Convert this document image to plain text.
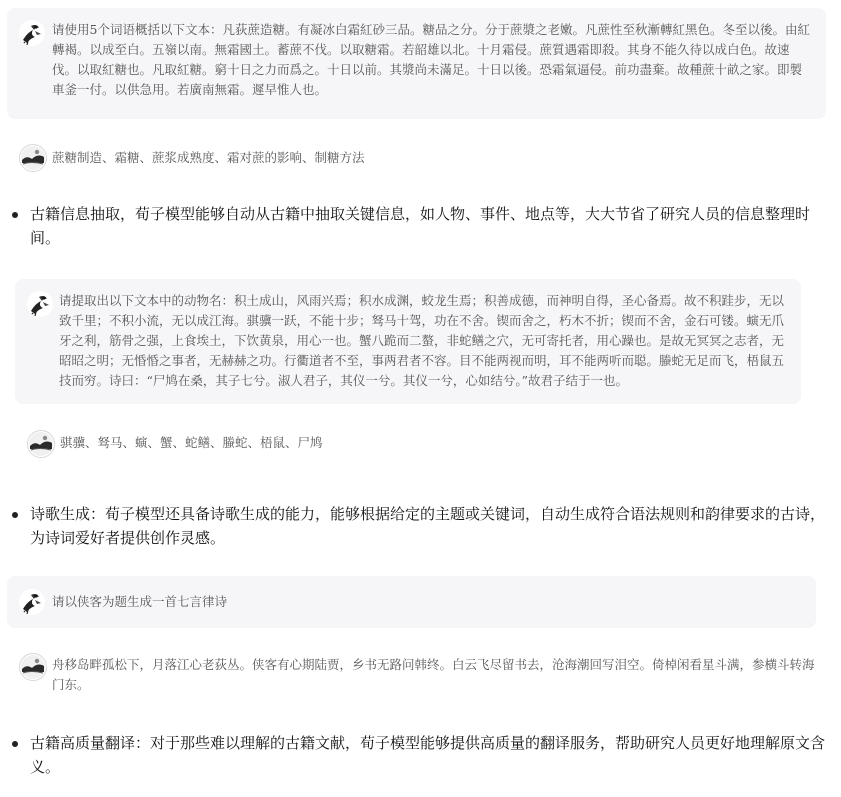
请使用5个词语概括以下文本：凡荻蔗造糖。有凝冰白霜紅砂三品。糖品之分。分于蔗漿之老嫩。凡蔗性至秋漸轉紅黑色。冬至以後。由紅轉褐。以成至白。五嶺以南。無霜國土。蓄蔗不伐。以取糖霜。若韶雄以北。十月霜侵。蔗質遇霜即殺。其身不能久待以成白色。故速伐。以取紅糖也。凡取紅糖。窮十日之力而爲之。十日以前。其漿尚未滿足。十日以後。恐霜氣逼侵。前功盡棄。故種蔗十畝之家。即製車釜一付。以供急用。若廣南無霜。遲早惟人也。
蔗糖制造、霜糖、蔗浆成熟度、霜对蔗的影响、制糖方法
古籍信息抽取，荀子模型能够自动从古籍中抽取关键信息，如人物、事件、地点等，大大节省了研究人员的信息整理时间。
请提取出以下文本中的动物名：积土成山，风雨兴焉；积水成渊，蛟龙生焉；积善成德，而神明自得，圣心备焉。故不积跬步，无以致千里；不积小流，无以成江海。骐骥一跃，不能十步；驽马十驾，功在不舍。锲而舍之，朽木不折；锲而不舍，金石可镂。螾无爪牙之利，筋骨之强，上食埃土，下饮黄泉，用心一也。蟹八跪而二螯，非蛇鳝之穴，无可寄托者，用心躁也。是故无冥冥之志者，无昭昭之明；无惛惛之事者，无赫赫之功。行衢道者不至，事两君者不容。目不能两视而明，耳不能两听而聪。螣蛇无足而飞，梧鼠五技而穷。诗曰：“尸鸠在桑，其子七兮。淑人君子，其仪一兮。其仪一兮，心如结兮。”故君子结于一也。
骐骥、驽马、螾、蟹、蛇鳝、螣蛇、梧鼠、尸鸠
诗歌生成：荀子模型还具备诗歌生成的能力，能够根据给定的主题或关键词，自动生成符合语法规则和韵律要求的古诗，为诗词爱好者提供创作灵感。
请以侠客为题生成一首七言律诗
舟移岛畔孤松下，月落江心老荻丛。侠客有心期陆贾，乡书无路问韩终。白云飞尽留书去，沧海潮回写泪空。倚棹闲看星斗满，参横斗转海门东。
古籍高质量翻译：对于那些难以理解的古籍文献，荀子模型能够提供高质量的翻译服务，帮助研究人员更好地理解原文含义。
